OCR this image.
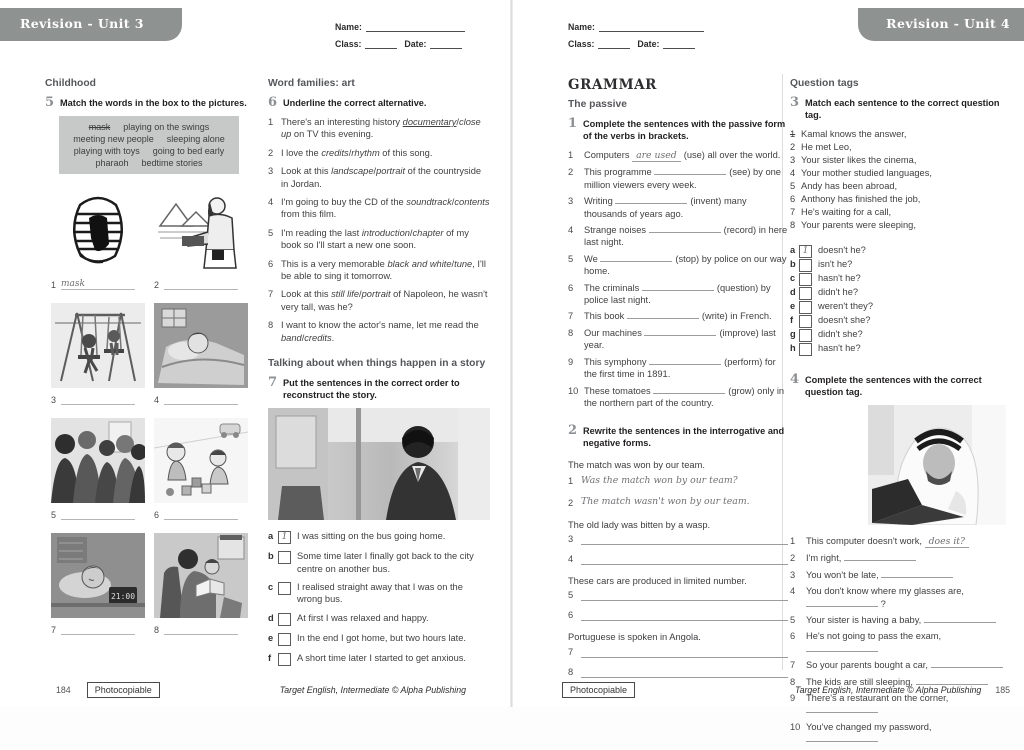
Revision - Unit 3	Name:
Class:	Date:
Childhood
5 Match the words in the box to the pictures.

mask playing on the swings
meeting new people sleeping alone
playing with toys going to bed early
pharaoh bedtime stories
1 mask	2
3	4
5	6
21:00
7	8
Word families: art
6 Underline the correct alternative.

1 There's an interesting history documentary/close up on TV this evening.

2 I love the credits/rhythm of this song.

3 Look at this landscape/portrait of the countryside in Jordan.

4 I'm going to buy the CD of the soundtrack/contents from this film.

5 I'm reading the last introduction/chapter of my book so I'll start a new one soon.

6 This is a very memorable black and white/tune, I'll be able to sing it tomorrow.

7 Look at this still life/portrait of Napoleon, he wasn't very tall, was he?

8 I want to know the actor's name, let me read the band/credits.

Talking about when things happen in a story
7 Put the sentences in the correct order to reconstruct the story.

a 1	I was sitting on the bus going home.
b	Some time later I finally got back to the city centre on another bus.
c	I realised straight away that I was on the wrong bus.
d	At first I was relaxed and happy.
e	In the end I got home, but two hours late.
f	A short time later I started to get anxious.
184	Photocopiable	Target English, Intermediate © Alpha Publishing
Revision - Unit 4
Name:
Class:	Date:
GRAMMAR
The passive
1 Complete the sentences with the passive form of the verbs in brackets.

1	Computers are used (use) all over the world.

2	This programme	(see) by one million viewers every week.

3	Writing	(invent) many thousands of years ago.

4	Strange noises	(record) in here last night.

5	We	(stop) by police on our way home.

6	The criminals	(question) by police last night.

7	This book	(write) in French.

8	Our machines	(improve) last year.

9	This symphony	(perform) for the first time in 1891.

10 These tomatoes	(grow) only in the northern part of the country.

2 Rewrite the sentences in the interrogative and negative forms.

The match was won by our team.

1 Was the match won by our team?
2 The match wasn't won by our team.

The old lady was bitten by a wasp.

3
4

These cars are produced in limited number.

5
6

Portuguese is spoken in Angola.

7
8
Question tags
3 Match each sentence to the correct question tag.

1 Kamal knows the answer,
2 He met Leo,
3 Your sister likes the cinema,
4 Your mother studied languages,
5 Andy has been abroad,
6 Anthony has finished the job,
7 He's waiting for a call,
8 Your parents were sleeping,
a 1	doesn't he?
b	isn't he?
c	hasn't he?
d	didn't he?
e	weren't they?
f	doesn't she?
g	didn't she?
h	hasn't he?
4 Complete the sentences with the correct question tag.

1	This computer doesn't work, does it?

2	I'm right,

3	You won't be late,

4	You don't know where my glasses are,
?

5	Your sister is having a baby,

6	He's not going to pass the exam,

7	So your parents bought a car,

8	The kids are still sleeping,

9	There's a restaurant on the corner,

10 You've changed my password,

Photocopiable	Target English, Intermediate © Alpha Publishing 185
